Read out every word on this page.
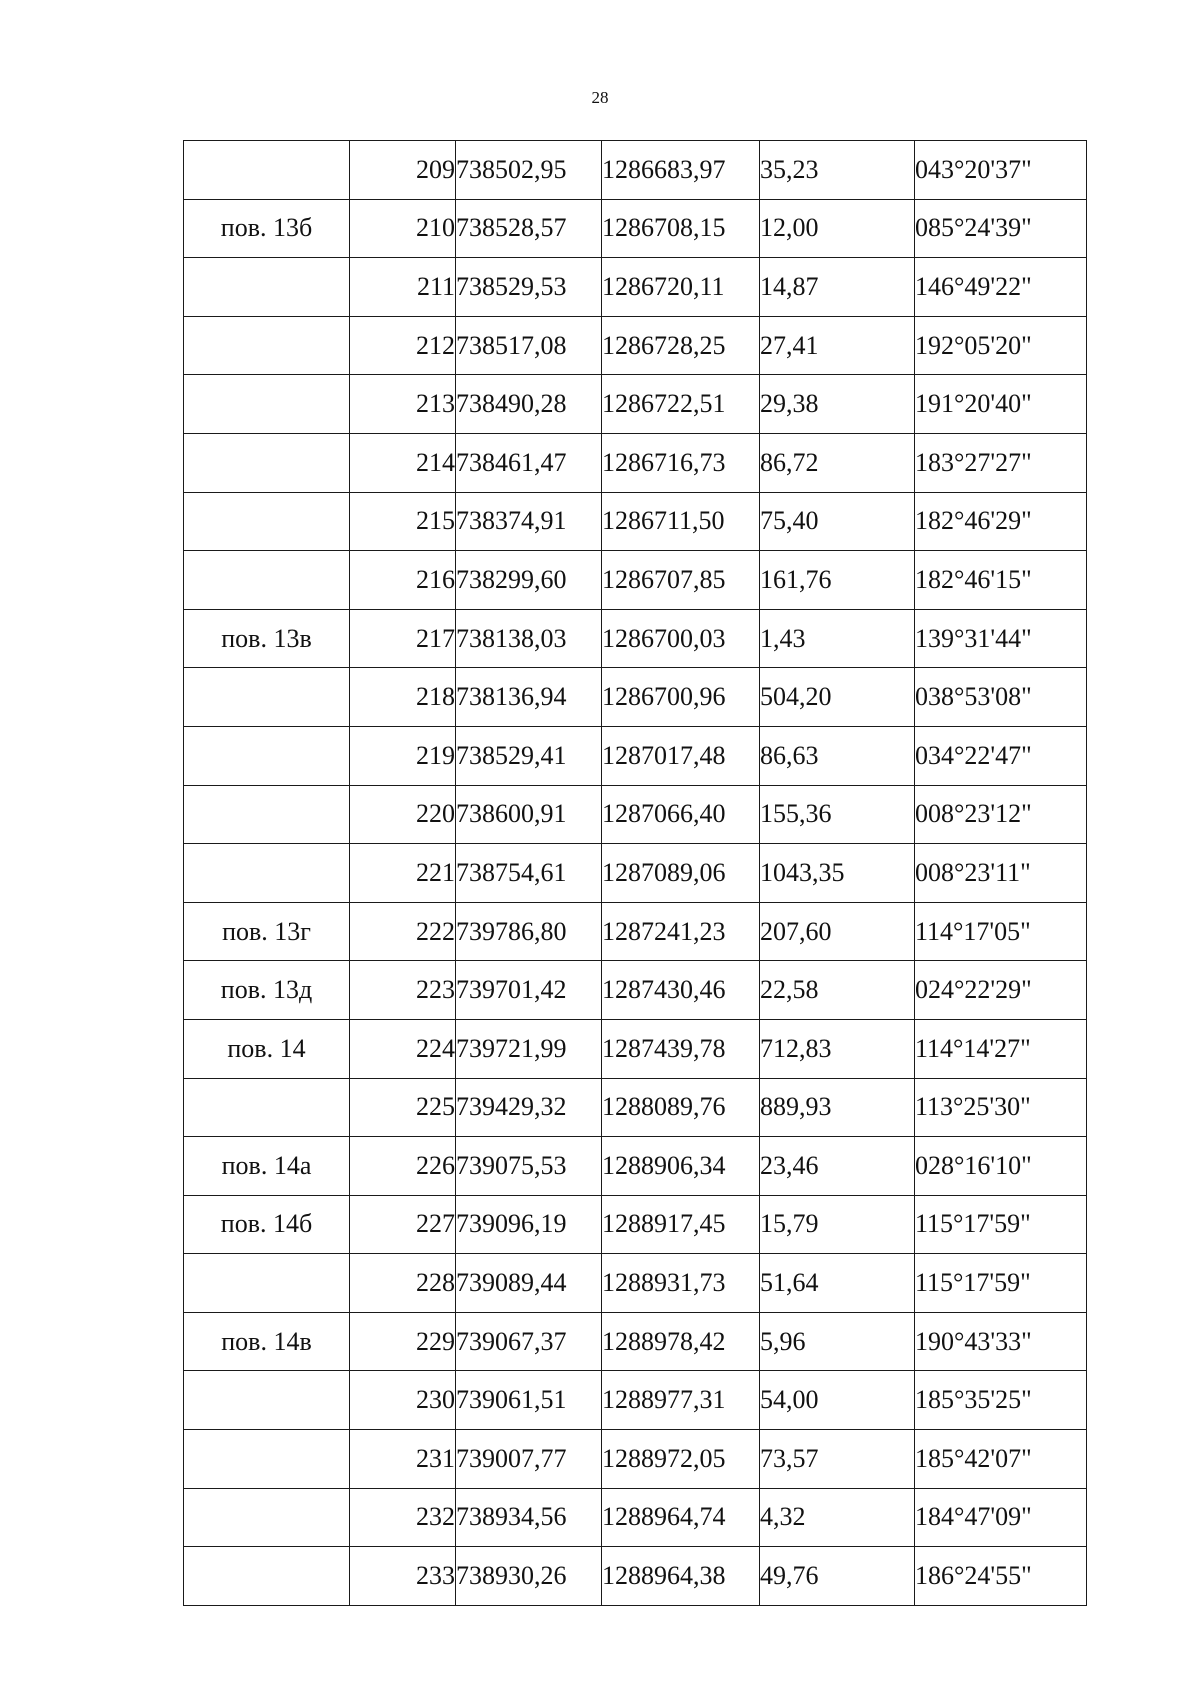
28
	209	738502,95	1286683,97	35,23	043°20'37"
пов. 13б	210	738528,57	1286708,15	12,00	085°24'39"
	211	738529,53	1286720,11	14,87	146°49'22"
	212	738517,08	1286728,25	27,41	192°05'20"
	213	738490,28	1286722,51	29,38	191°20'40"
	214	738461,47	1286716,73	86,72	183°27'27"
	215	738374,91	1286711,50	75,40	182°46'29"
	216	738299,60	1286707,85	161,76	182°46'15"
пов. 13в	217	738138,03	1286700,03	1,43	139°31'44"
	218	738136,94	1286700,96	504,20	038°53'08"
	219	738529,41	1287017,48	86,63	034°22'47"
	220	738600,91	1287066,40	155,36	008°23'12"
	221	738754,61	1287089,06	1043,35	008°23'11"
пов. 13г	222	739786,80	1287241,23	207,60	114°17'05"
пов. 13д	223	739701,42	1287430,46	22,58	024°22'29"
пов. 14	224	739721,99	1287439,78	712,83	114°14'27"
	225	739429,32	1288089,76	889,93	113°25'30"
пов. 14а	226	739075,53	1288906,34	23,46	028°16'10"
пов. 14б	227	739096,19	1288917,45	15,79	115°17'59"
	228	739089,44	1288931,73	51,64	115°17'59"
пов. 14в	229	739067,37	1288978,42	5,96	190°43'33"
	230	739061,51	1288977,31	54,00	185°35'25"
	231	739007,77	1288972,05	73,57	185°42'07"
	232	738934,56	1288964,74	4,32	184°47'09"
	233	738930,26	1288964,38	49,76	186°24'55"
